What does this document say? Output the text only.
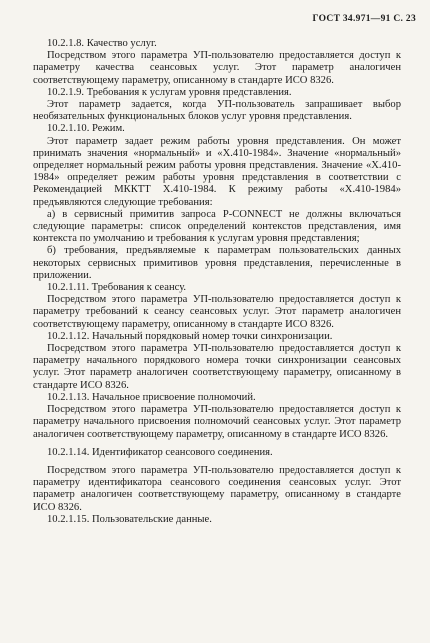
ГОСТ 34.971—91 С. 23

10.2.1.8. Качество услуг.

Посредством этого параметра УП-пользователю предоставляется доступ к параметру качества сеансовых услуг. Этот параметр аналогичен соответствующему параметру, описанному в стандарте ИСО 8326.

10.2.1.9. Требования к услугам уровня представления.

Этот параметр задается, когда УП-пользователь запрашивает выбор необязательных функциональных блоков услуг уровня представления.

10.2.1.10. Режим.

Этот параметр задает режим работы уровня представления. Он может принимать значения «нормальный» и «X.410-1984». Значение «нормальный» определяет нормальный режим работы уровня представления. Значение «X.410-1984» определяет режим работы уровня представления в соответствии с Рекомендацией МККТТ X.410-1984. К режиму работы «X.410-1984» предъявляются следующие требования:

а) в сервисный примитив запроса P-CONNECT не должны включаться следующие параметры: список определений контекстов представления, имя контекста по умолчанию и требования к услугам уровня представления;

б) требования, предъявляемые к параметрам пользовательских данных некоторых сервисных примитивов уровня представления, перечисленные в приложении.

10.2.1.11. Требования к сеансу.

Посредством этого параметра УП-пользователю предоставляется доступ к параметру требований к сеансу сеансовых услуг. Этот параметр аналогичен соответствующему параметру, описанному в стандарте ИСО 8326.

10.2.1.12. Начальный порядковый номер точки синхронизации.

Посредством этого параметра УП-пользователю предоставляется доступ к параметру начального порядкового номера точки синхронизации сеансовых услуг. Этот параметр аналогичен соответствующему параметру, описанному в стандарте ИСО 8326.

10.2.1.13. Начальное присвоение полномочий.

Посредством этого параметра УП-пользователю предоставляется доступ к параметру начального присвоения полномочий сеансовых услуг. Этот параметр аналогичен соответствующему параметру, описанному в стандарте ИСО 8326.

10.2.1.14. Идентификатор сеансового соединения.

Посредством этого параметра УП-пользователю предоставляется доступ к параметру идентификатора сеансового соединения сеансовых услуг. Этот параметр аналогичен соответствующему параметру, описанному в стандарте ИСО 8326.

10.2.1.15. Пользовательские данные.
